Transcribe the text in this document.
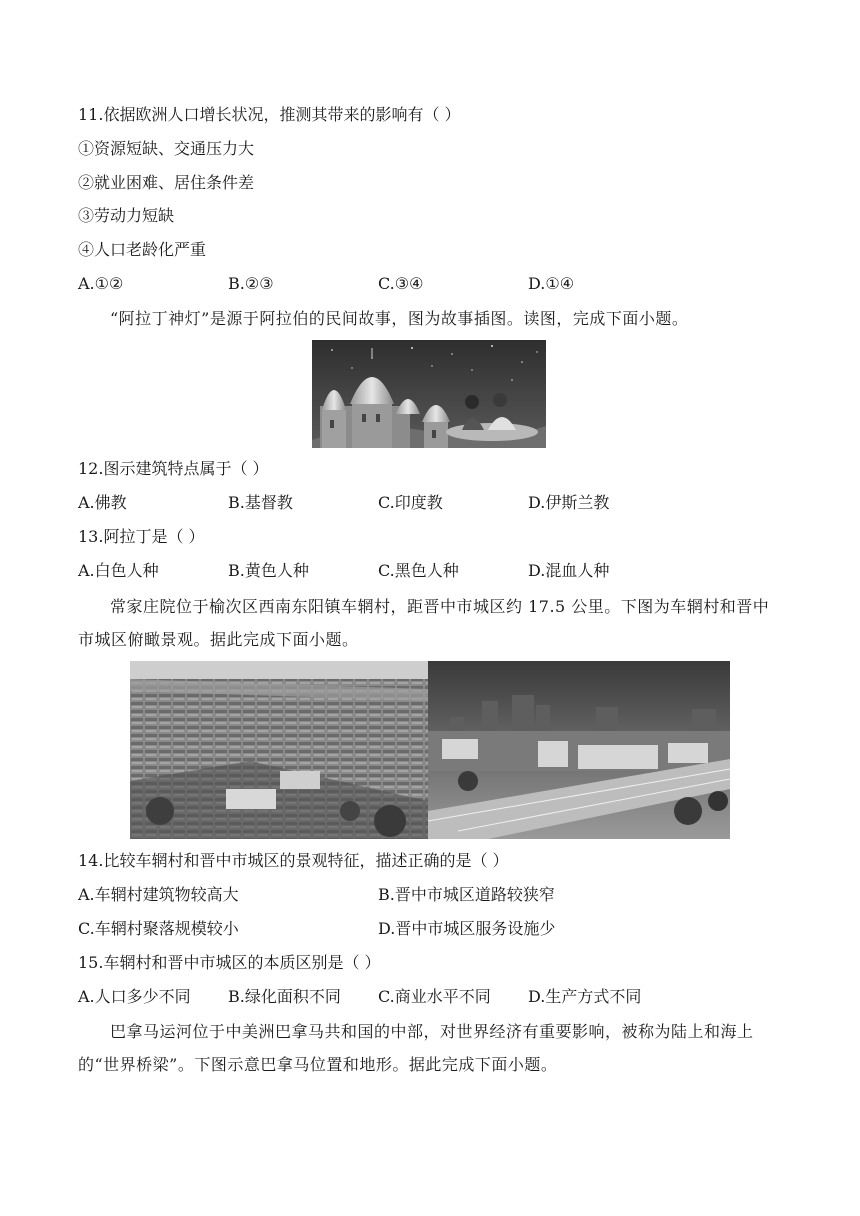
11.依据欧洲人口增长状况，推测其带来的影响有（ ）
①资源短缺、交通压力大
②就业困难、居住条件差
③劳动力短缺
④人口老龄化严重
A.①②	B.②③	C.③④	D.①④
“阿拉丁神灯”是源于阿拉伯的民间故事，图为故事插图。读图，完成下面小题。
12.图示建筑特点属于（ ）
A.佛教	B.基督教	C.印度教	D.伊斯兰教
13.阿拉丁是（ ）
A.白色人种	B.黄色人种	C.黑色人种	D.混血人种
常家庄院位于榆次区西南东阳镇车辋村，距晋中市城区约 17.5 公里。下图为车辋村和晋中市城区俯瞰景观。据此完成下面小题。
14.比较车辋村和晋中市城区的景观特征，描述正确的是（ ）
A.车辋村建筑物较高大	B.晋中市城区道路较狭窄
C.车辋村聚落规模较小	D.晋中市城区服务设施少
15.车辋村和晋中市城区的本质区别是（ ）
A.人口多少不同 B.绿化面积不同 C.商业水平不同 D.生产方式不同
巴拿马运河位于中美洲巴拿马共和国的中部，对世界经济有重要影响，被称为陆上和海上的“世界桥梁”。下图示意巴拿马位置和地形。据此完成下面小题。
